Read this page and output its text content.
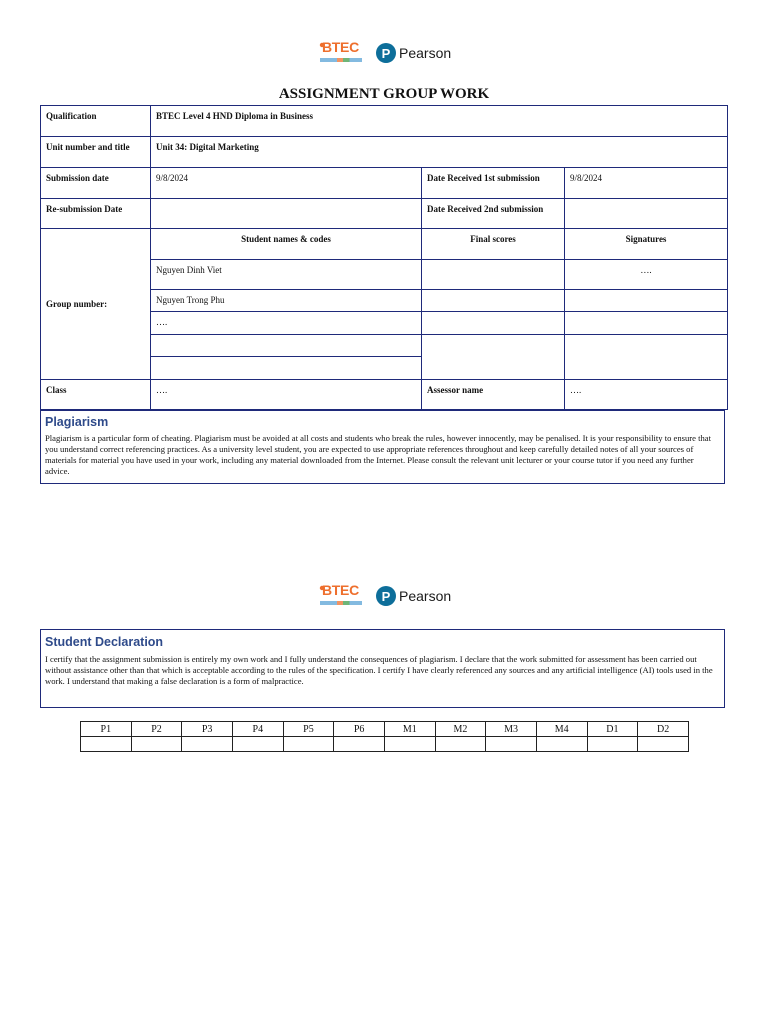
BTEC	P Pearson
ASSIGNMENT GROUP WORK
Qualification	BTEC Level 4 HND Diploma in Business		

Unit number and title	Unit 34: Digital Marketing		

Submission date	9/8/2024	Date Received 1st submission	9/8/2024

Re-submission Date		Date Received 2nd submission	

Group number:	Student names & codes	Final scores	Signatures

	Nguyen Dinh Viet		….

	Nguyen Trong Phu		

	….		

Class	….	Assessor name	….
Plagiarism

Plagiarism is a particular form of cheating. Plagiarism must be avoided at all costs and students who break the rules, however innocently, may be penalised. It is your responsibility to ensure that you understand correct referencing practices. As a university level student, you are expected to use appropriate references throughout and keep carefully detailed notes of all your sources of materials for material you have used in your work, including any material downloaded from the Internet. Please consult the relevant unit lecturer or your course tutor if you need any further advice.

BTEC	P Pearson
Student Declaration

I certify that the assignment submission is entirely my own work and I fully understand the consequences of plagiarism. I declare that the work submitted for assessment has been carried out without assistance other than that which is acceptable according to the rules of the specification. I certify I have clearly referenced any sources and any artificial intelligence (AI) tools used in the work. I understand that making a false declaration is a form of malpractice.

P1	P2	P3	P4	P5	P6	M1	M2	M3	M4	D1	D2
